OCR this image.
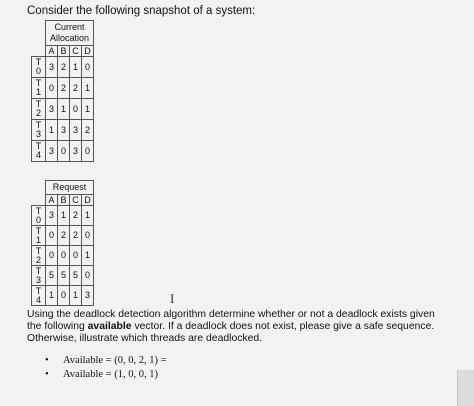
Consider the following snapshot of a system:

	Current
Allocation			

	A	B	C	D

T
0	3	2	1	0

T
1	0	2	2	1

T
2	3	1	0	1

T
3	1	3	3	2

T
4	3	0	3	0
	Request			
	A	B	C	D

T
0	3	1	2	1

T
1	0	2	2	0

T
2	0	0	0	1

T
3	5	5	5	0

T
4	1	0	1	3	I
Using the deadlock detection algorithm determine whether or not a deadlock exists given the following available vector. If a deadlock does not exist, please give a safe sequence. Otherwise, illustrate which threads are deadlocked.
• Available = (0, 0, 2, 1) =
• Available = (1, 0, 0, 1)
